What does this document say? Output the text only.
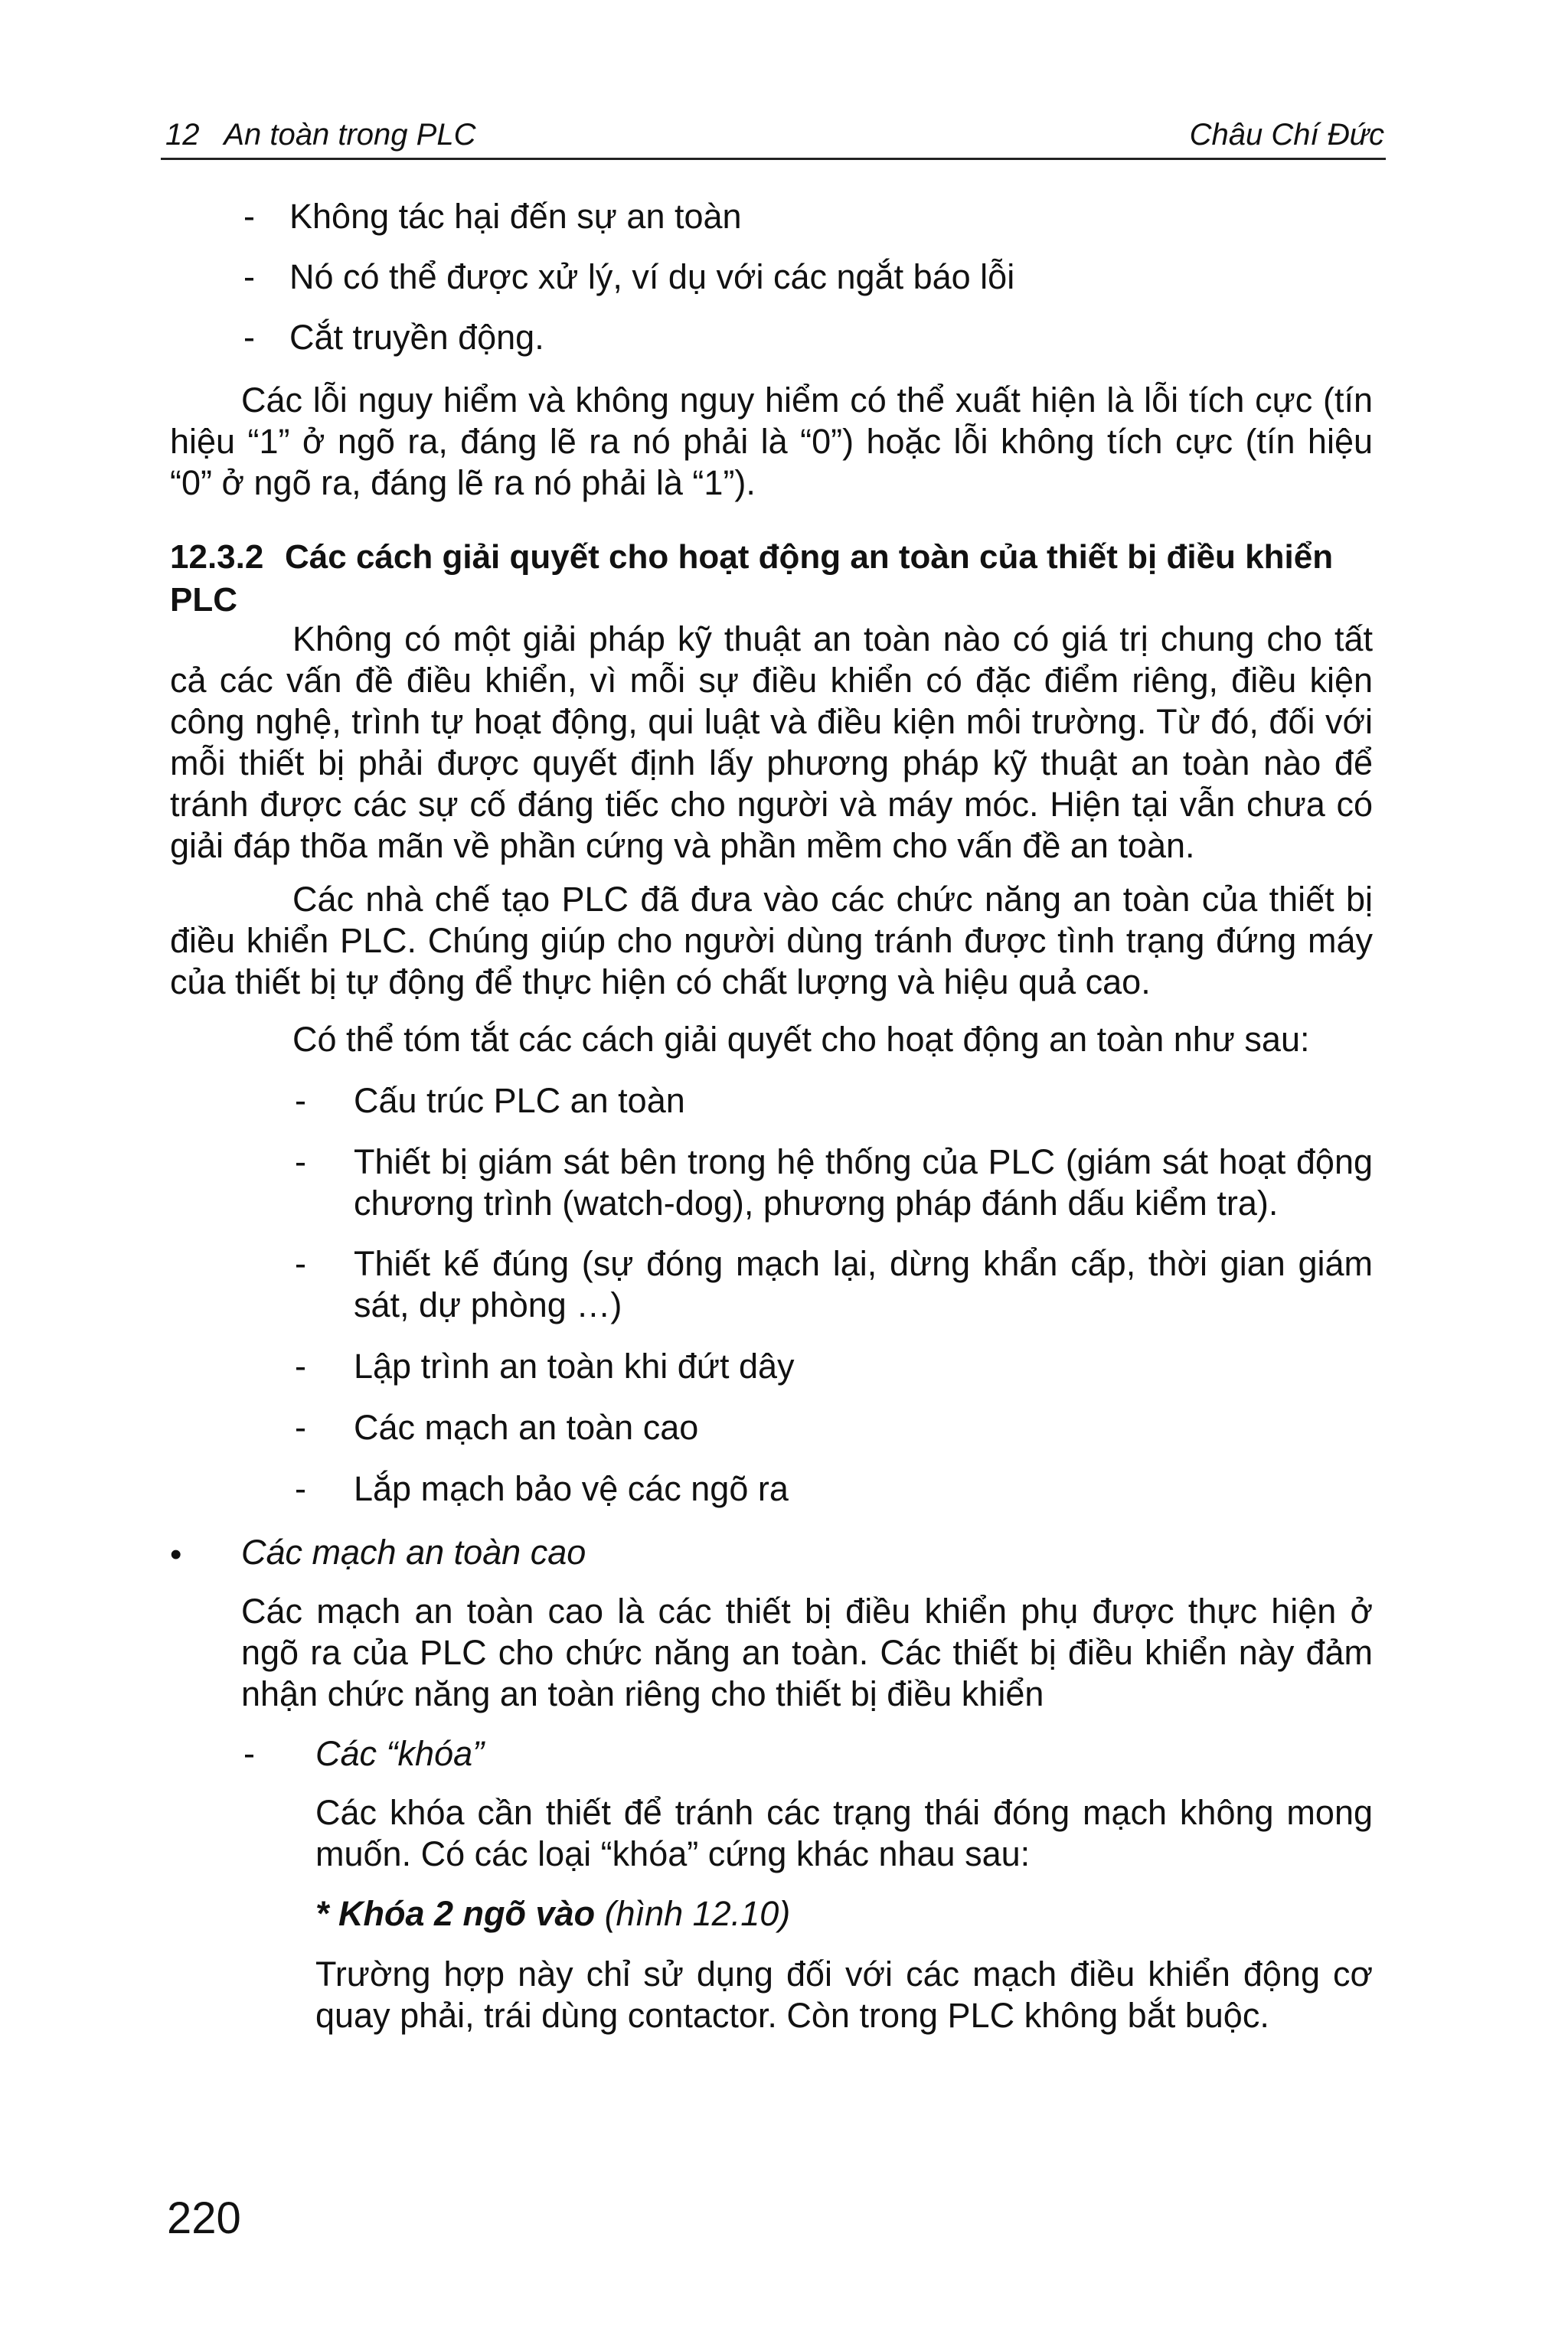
12   An toàn trong PLC	Châu Chí Đức
- Không tác hại đến sự an toàn
- Nó có thể được xử lý, ví dụ với các ngắt báo lỗi
- Cắt truyền động.
Các lỗi nguy hiểm và không nguy hiểm có thể xuất hiện là lỗi tích cực (tín
hiệu “1” ở ngõ ra, đáng lẽ ra nó phải là “0”) hoặc lỗi không tích cực (tín hiệu
“0” ở ngõ ra, đáng lẽ ra nó phải là “1”).
12.3.2 Các cách giải quyết cho hoạt động an toàn của thiết bị điều khiển PLC
Không có một giải pháp kỹ thuật an toàn nào có giá trị chung cho tất
cả các vấn đề điều khiển, vì mỗi sự điều khiển có đặc điểm riêng, điều kiện
công nghệ, trình tự hoạt động, qui luật và điều kiện môi trường. Từ đó, đối với
mỗi thiết bị phải được quyết định lấy phương pháp kỹ thuật an toàn nào để
tránh được các sự cố đáng tiếc cho người và máy móc. Hiện tại vẫn chưa có
giải đáp thõa mãn về phần cứng và phần mềm cho vấn đề an toàn.
Các nhà chế tạo PLC đã đưa vào các chức năng an toàn của thiết bị
điều khiển PLC. Chúng giúp cho người dùng tránh được tình trạng đứng máy
của thiết bị tự động để thực hiện có chất lượng và hiệu quả cao.
Có thể tóm tắt các cách giải quyết cho hoạt động an toàn như sau:
- Cấu trúc PLC an toàn
- Thiết bị giám sát bên trong hệ thống của PLC (giám sát hoạt động
chương trình (watch-dog), phương pháp đánh dấu kiểm tra).
- Thiết kế đúng (sự đóng mạch lại, dừng khẩn cấp, thời gian giám
sát, dự phòng …)
- Lập trình an toàn khi đứt dây
- Các mạch an toàn cao
- Lắp mạch bảo vệ các ngõ ra
• Các mạch an toàn cao
Các mạch an toàn cao là các thiết bị điều khiển phụ được thực hiện ở
ngõ ra của PLC cho chức năng an toàn. Các thiết bị điều khiển này đảm
nhận chức năng an toàn riêng cho thiết bị điều khiển
- Các “khóa”
Các khóa cần thiết để tránh các trạng thái đóng mạch không mong
muốn. Có các loại “khóa” cứng khác nhau sau:
* Khóa 2 ngõ vào (hình 12.10)
Trường hợp này chỉ sử dụng đối với các mạch điều khiển động cơ
quay phải, trái dùng contactor. Còn trong PLC không bắt buộc.
220
